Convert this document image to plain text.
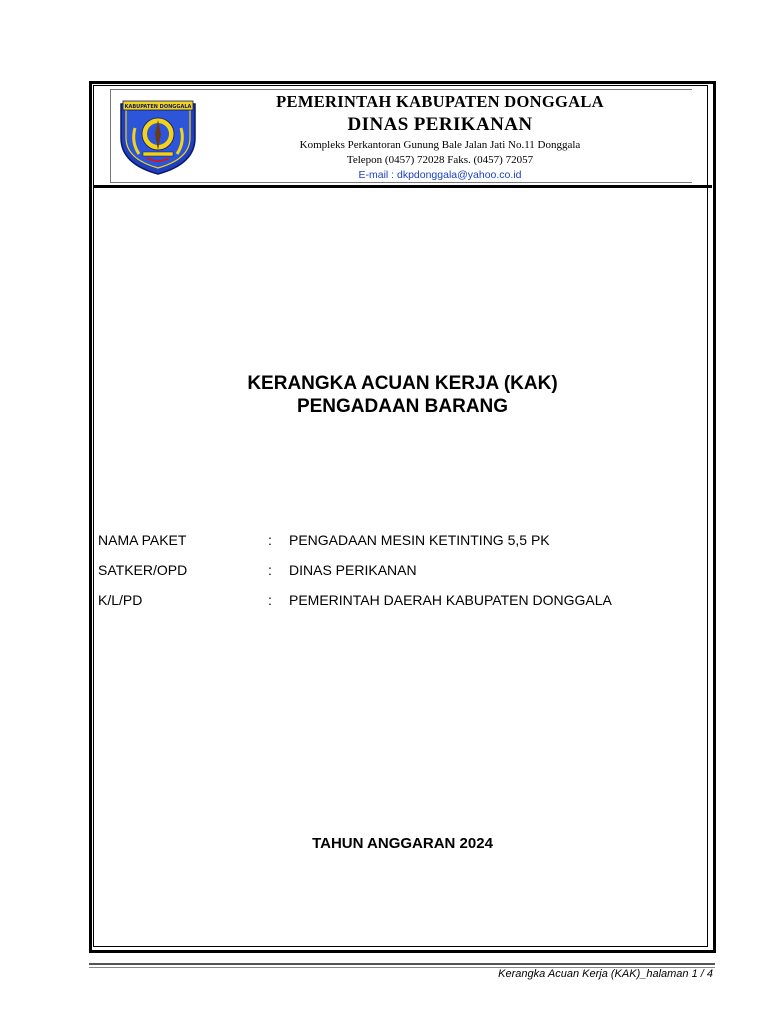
KABUPATEN DONGGALA	PEMERINTAH KABUPATEN DONGGALA
DINAS PERIKANAN
Kompleks Perkantoran Gunung Bale Jalan Jati No.11 Donggala
Telepon (0457) 72028 Faks. (0457) 72057
E-mail : dkpdonggala@yahoo.co.id
KERANGKA ACUAN KERJA (KAK)
PENGADAAN BARANG
NAMA PAKET	: PENGADAAN MESIN KETINTING 5,5 PK
SATKER/OPD	: DINAS PERIKANAN
K/L/PD	: PEMERINTAH DAERAH KABUPATEN DONGGALA
TAHUN ANGGARAN 2024
Kerangka Acuan Kerja (KAK)_halaman 1 / 4
